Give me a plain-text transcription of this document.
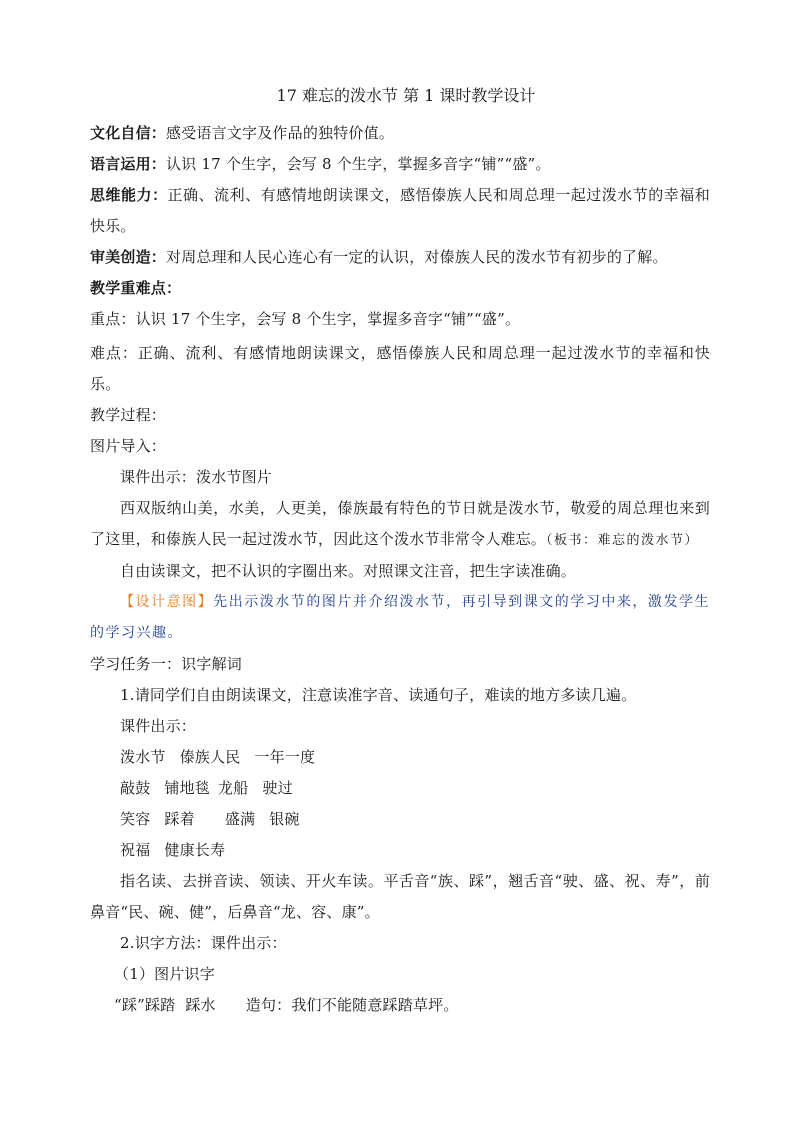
17 难忘的泼水节 第 1 课时教学设计

文化自信：感受语言文字及作品的独特价值。

语言运用：认识 17 个生字，会写 8 个生字，掌握多音字“铺”“盛”。

思维能力：正确、流利、有感情地朗读课文，感悟傣族人民和周总理一起过泼水节的幸福和快乐。

审美创造：对周总理和人民心连心有一定的认识，对傣族人民的泼水节有初步的了解。

教学重难点：

重点：认识 17 个生字，会写 8 个生字，掌握多音字“铺”“盛”。

难点：正确、流利、有感情地朗读课文，感悟傣族人民和周总理一起过泼水节的幸福和快乐。

教学过程：

图片导入：

课件出示：泼水节图片

西双版纳山美，水美，人更美，傣族最有特色的节日就是泼水节，敬爱的周总理也来到了这里，和傣族人民一起过泼水节，因此这个泼水节非常令人难忘。（板书：难忘的泼水节）

自由读课文，把不认识的字圈出来。对照课文注音，把生字读准确。

【设计意图】先出示泼水节的图片并介绍泼水节，再引导到课文的学习中来，激发学生的学习兴趣。

学习任务一：识字解词

1.请同学们自由朗读课文，注意读准字音、读通句子，难读的地方多读几遍。

课件出示：

泼水节 傣族人民 一年一度

敲鼓 铺地毯 龙船 驶过

笑容 踩着 盛满 银碗

祝福 健康长寿

指名读、去拼音读、领读、开火车读。平舌音“族、踩”，翘舌音“驶、盛、祝、寿”，前鼻音“民、碗、健”，后鼻音“龙、容、康”。

2.识字方法：课件出示：

（1）图片识字

“踩”踩踏 踩水 造句：我们不能随意踩踏草坪。
